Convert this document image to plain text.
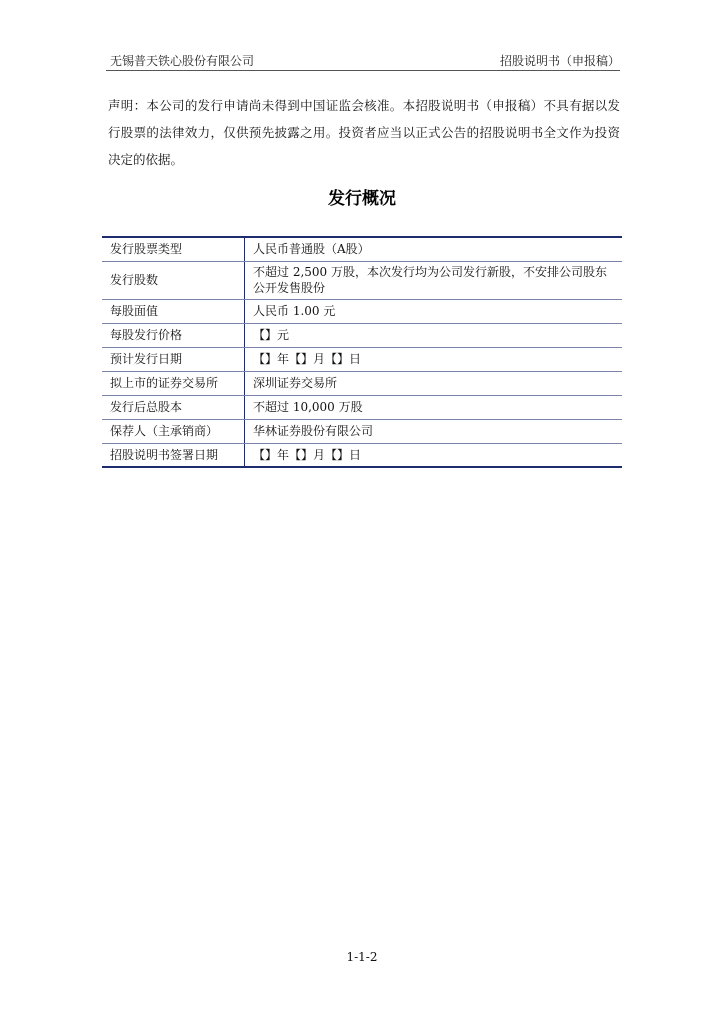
无锡普天铁心股份有限公司	招股说明书（申报稿）
声明：本公司的发行申请尚未得到中国证监会核准。本招股说明书（申报稿）不具有据以发行股票的法律效力，仅供预先披露之用。投资者应当以正式公告的招股说明书全文作为投资决定的依据。
发行概况
发行股票类型	人民币普通股（A股）
发行股数	不超过 2,500 万股，本次发行均为公司发行新股，不安排公司股东公开发售股份
每股面值	人民币 1.00 元
每股发行价格	【】元
预计发行日期	【】年【】月【】日
拟上市的证券交易所	深圳证券交易所
发行后总股本	不超过 10,000 万股
保荐人（主承销商）	华林证券股份有限公司
招股说明书签署日期	【】年【】月【】日
1-1-2
